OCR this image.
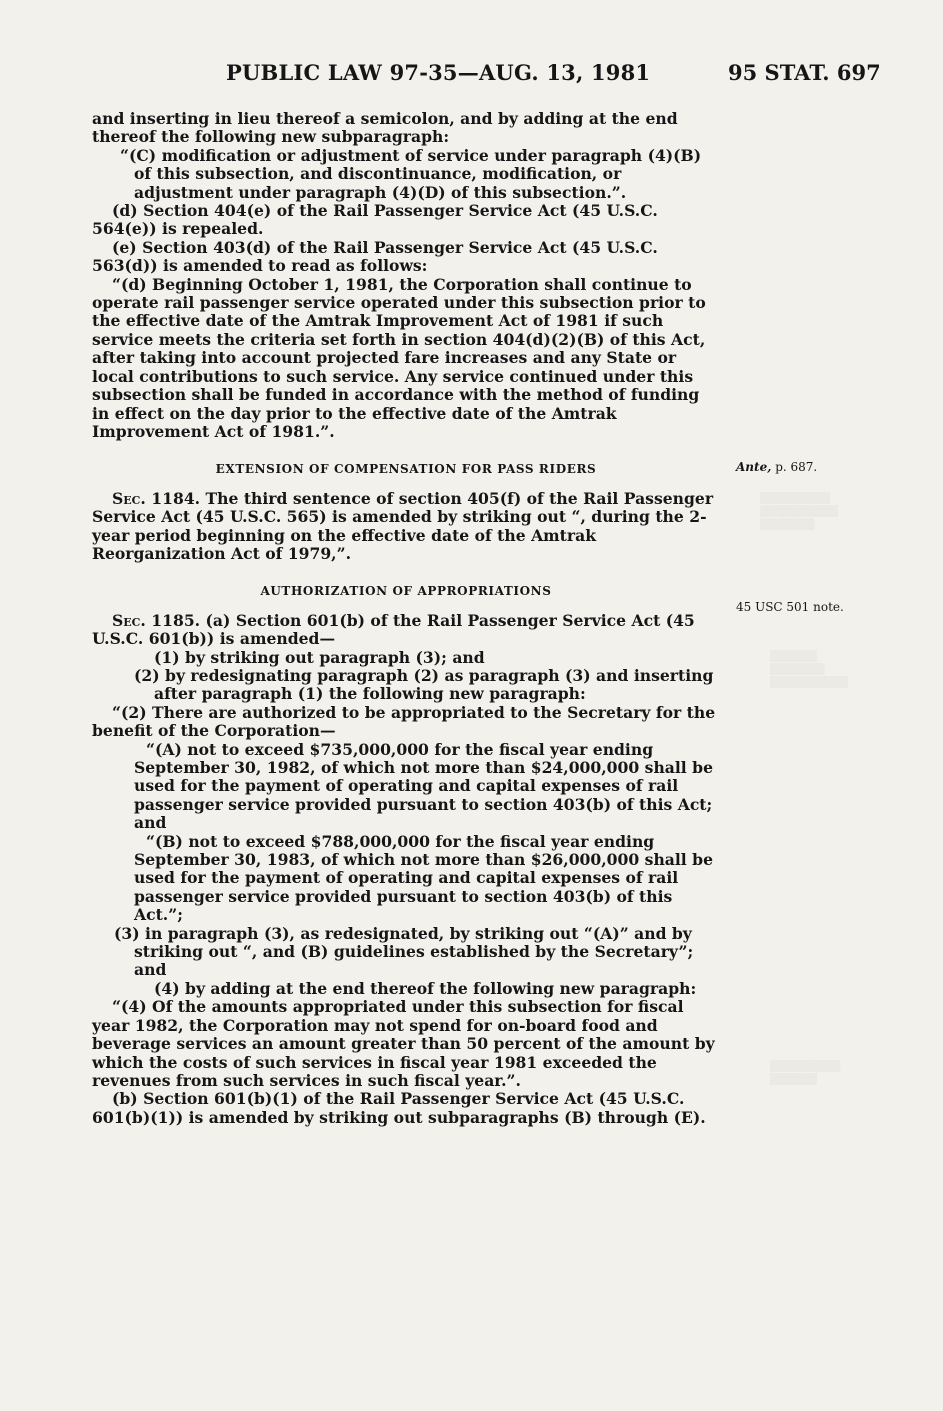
PUBLIC LAW 97-35—AUG. 13, 1981	95 STAT. 697
▒▒▒▒▒▒▒▒▒
▒▒▒▒▒▒▒▒▒▒
▒▒▒▒▒▒▒
▒▒▒▒▒▒
▒▒▒▒▒▒▒
▒▒▒▒▒▒▒▒▒▒
▒▒▒▒▒▒▒▒▒
▒▒▒▒▒▒

and inserting in lieu thereof a semicolon, and by adding at the end thereof the following new subparagraph:

“(C) modification or adjustment of service under paragraph (4)(B) of this subsection, and discontinuance, modification, or adjustment under paragraph (4)(D) of this subsection.”.

(d) Section 404(e) of the Rail Passenger Service Act (45 U.S.C. 564(e)) is repealed.

(e) Section 403(d) of the Rail Passenger Service Act (45 U.S.C. 563(d)) is amended to read as follows:

“(d) Beginning October 1, 1981, the Corporation shall continue to operate rail passenger service operated under this subsection prior to the effective date of the Amtrak Improvement Act of 1981 if such service meets the criteria set forth in section 404(d)(2)(B) of this Act, after taking into account projected fare increases and any State or local contributions to such service. Any service continued under this subsection shall be funded in accordance with the method of funding in effect on the day prior to the effective date of the Amtrak Improvement Act of 1981.”.

EXTENSION OF COMPENSATION FOR PASS RIDERS

Sec. 1184. The third sentence of section 405(f) of the Rail Passenger Service Act (45 U.S.C. 565) is amended by striking out “, during the 2-year period beginning on the effective date of the Amtrak Reorganization Act of 1979,”.

AUTHORIZATION OF APPROPRIATIONS

Sec. 1185. (a) Section 601(b) of the Rail Passenger Service Act (45 U.S.C. 601(b)) is amended—

(1) by striking out paragraph (3); and

(2) by redesignating paragraph (2) as paragraph (3) and inserting after paragraph (1) the following new paragraph:

“(2) There are authorized to be appropriated to the Secretary for the benefit of the Corporation—

“(A) not to exceed $735,000,000 for the fiscal year ending September 30, 1982, of which not more than $24,000,000 shall be used for the payment of operating and capital expenses of rail passenger service provided pursuant to section 403(b) of this Act; and

“(B) not to exceed $788,000,000 for the fiscal year ending September 30, 1983, of which not more than $26,000,000 shall be used for the payment of operating and capital expenses of rail passenger service provided pursuant to section 403(b) of this Act.”;

(3) in paragraph (3), as redesignated, by striking out “(A)” and by striking out “, and (B) guidelines established by the Secretary”; and

(4) by adding at the end thereof the following new paragraph:

“(4) Of the amounts appropriated under this subsection for fiscal year 1982, the Corporation may not spend for on-board food and beverage services an amount greater than 50 percent of the amount by which the costs of such services in fiscal year 1981 exceeded the revenues from such services in such fiscal year.”.

(b) Section 601(b)(1) of the Rail Passenger Service Act (45 U.S.C. 601(b)(1)) is amended by striking out subparagraphs (B) through (E).

Ante, p. 687.
45 USC 501 note.
